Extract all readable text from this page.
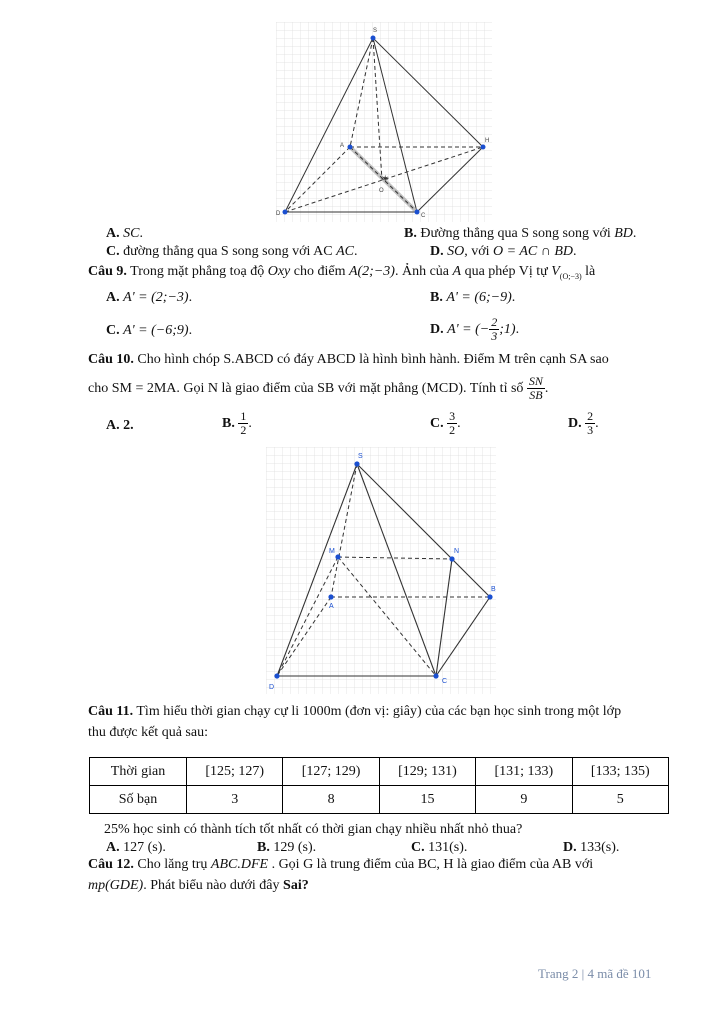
✶
S
A
H
O
D	C
A. SC.	B. Đường thẳng qua S song song với BD.
C. đường thẳng qua S song song với AC AC.	D. SO, với O = AC ∩ BD.
Câu 9. Trong mặt phẳng toạ độ Oxy cho điểm A(2;−3). Ảnh của A qua phép Vị tự $V_{(O;-3)}$ là
A. A' = (2;−3).	B. A' = (6;−9).
C. A' = (−6;9).	D. A' = (− $\frac{2}{3}$ ;1).
Câu 10. Cho hình chóp S.ABCD có đáy ABCD là hình bình hành. Điểm M trên cạnh SA sao
cho SM = 2MA. Gọi N là giao điểm của SB với mặt phẳng (MCD). Tính tỉ số $\frac{SN}{SB}$ .
A. 2.	B. $\frac{1}{2}$ .	C. $\frac{3}{2}$ .	D. $\frac{2}{3}$ .
S
M	N
A
B
D
C
Câu 11. Tìm hiểu thời gian chạy cự li 1000m (đơn vị: giây) của các bạn học sinh trong một lớp
thu được kết quả sau:
Thời gian	[125; 127)	[127; 129)	[129; 131)	[131; 133)	[133; 135)
Số bạn	3	8	15	9	5
25% học sinh có thành tích tốt nhất có thời gian chạy nhiều nhất nhỏ thua?
A. 127 (s).	B. 129 (s).	C. 131(s).	D. 133(s).
Câu 12. Cho lăng trụ ABC.DFE . Gọi G là trung điểm của BC, H là giao điểm của AB với
mp(GDE). Phát biểu nào dưới đây Sai?
Trang 2 | 4 mã đề 101
